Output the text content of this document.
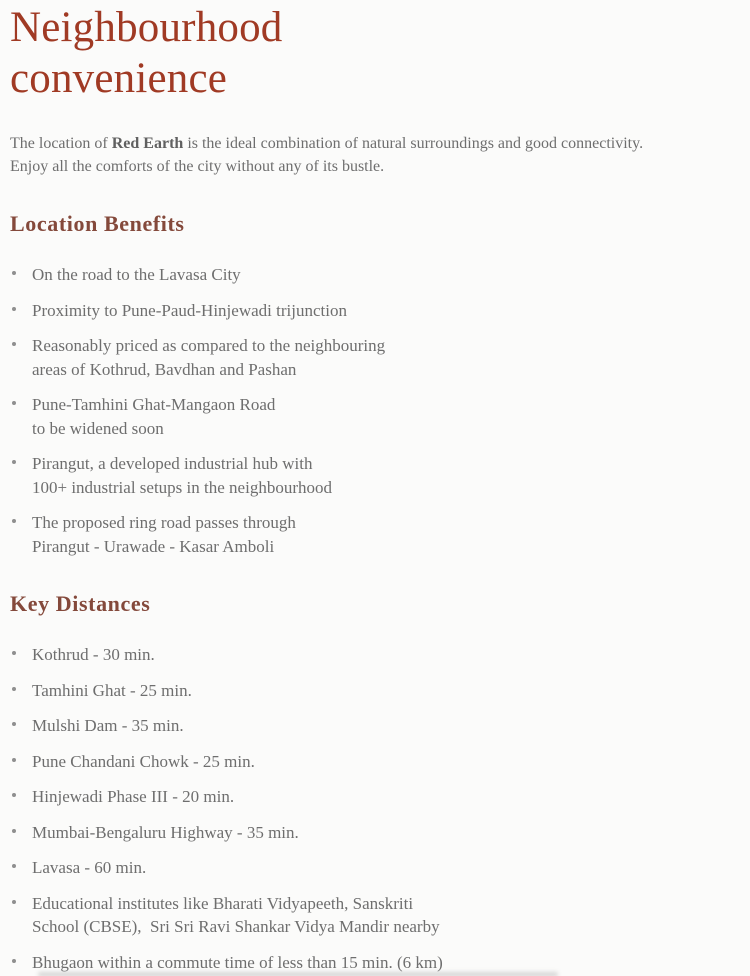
Neighbourhood
convenience

The location of Red Earth is the ideal combination of natural surroundings and good connectivity.
Enjoy all the comforts of the city without any of its bustle.

Location Benefits
On the road to the Lavasa City
Proximity to Pune-Paud-Hinjewadi trijunction
Reasonably priced as compared to the neighbouring
areas of Kothrud, Bavdhan and Pashan
Pune-Tamhini Ghat-Mangaon Road
to be widened soon
Pirangut, a developed industrial hub with
100+ industrial setups in the neighbourhood
The proposed ring road passes through
Pirangut - Urawade - Kasar Amboli
Key Distances
Kothrud - 30 min.
Tamhini Ghat - 25 min.
Mulshi Dam - 35 min.
Pune Chandani Chowk - 25 min.
Hinjewadi Phase III - 20 min.
Mumbai-Bengaluru Highway - 35 min.
Lavasa - 60 min.
Educational institutes like Bharati Vidyapeeth, Sanskriti
School (CBSE),  Sri Sri Ravi Shankar Vidya Mandir nearby
Bhugaon within a commute time of less than 15 min. (6 km)
